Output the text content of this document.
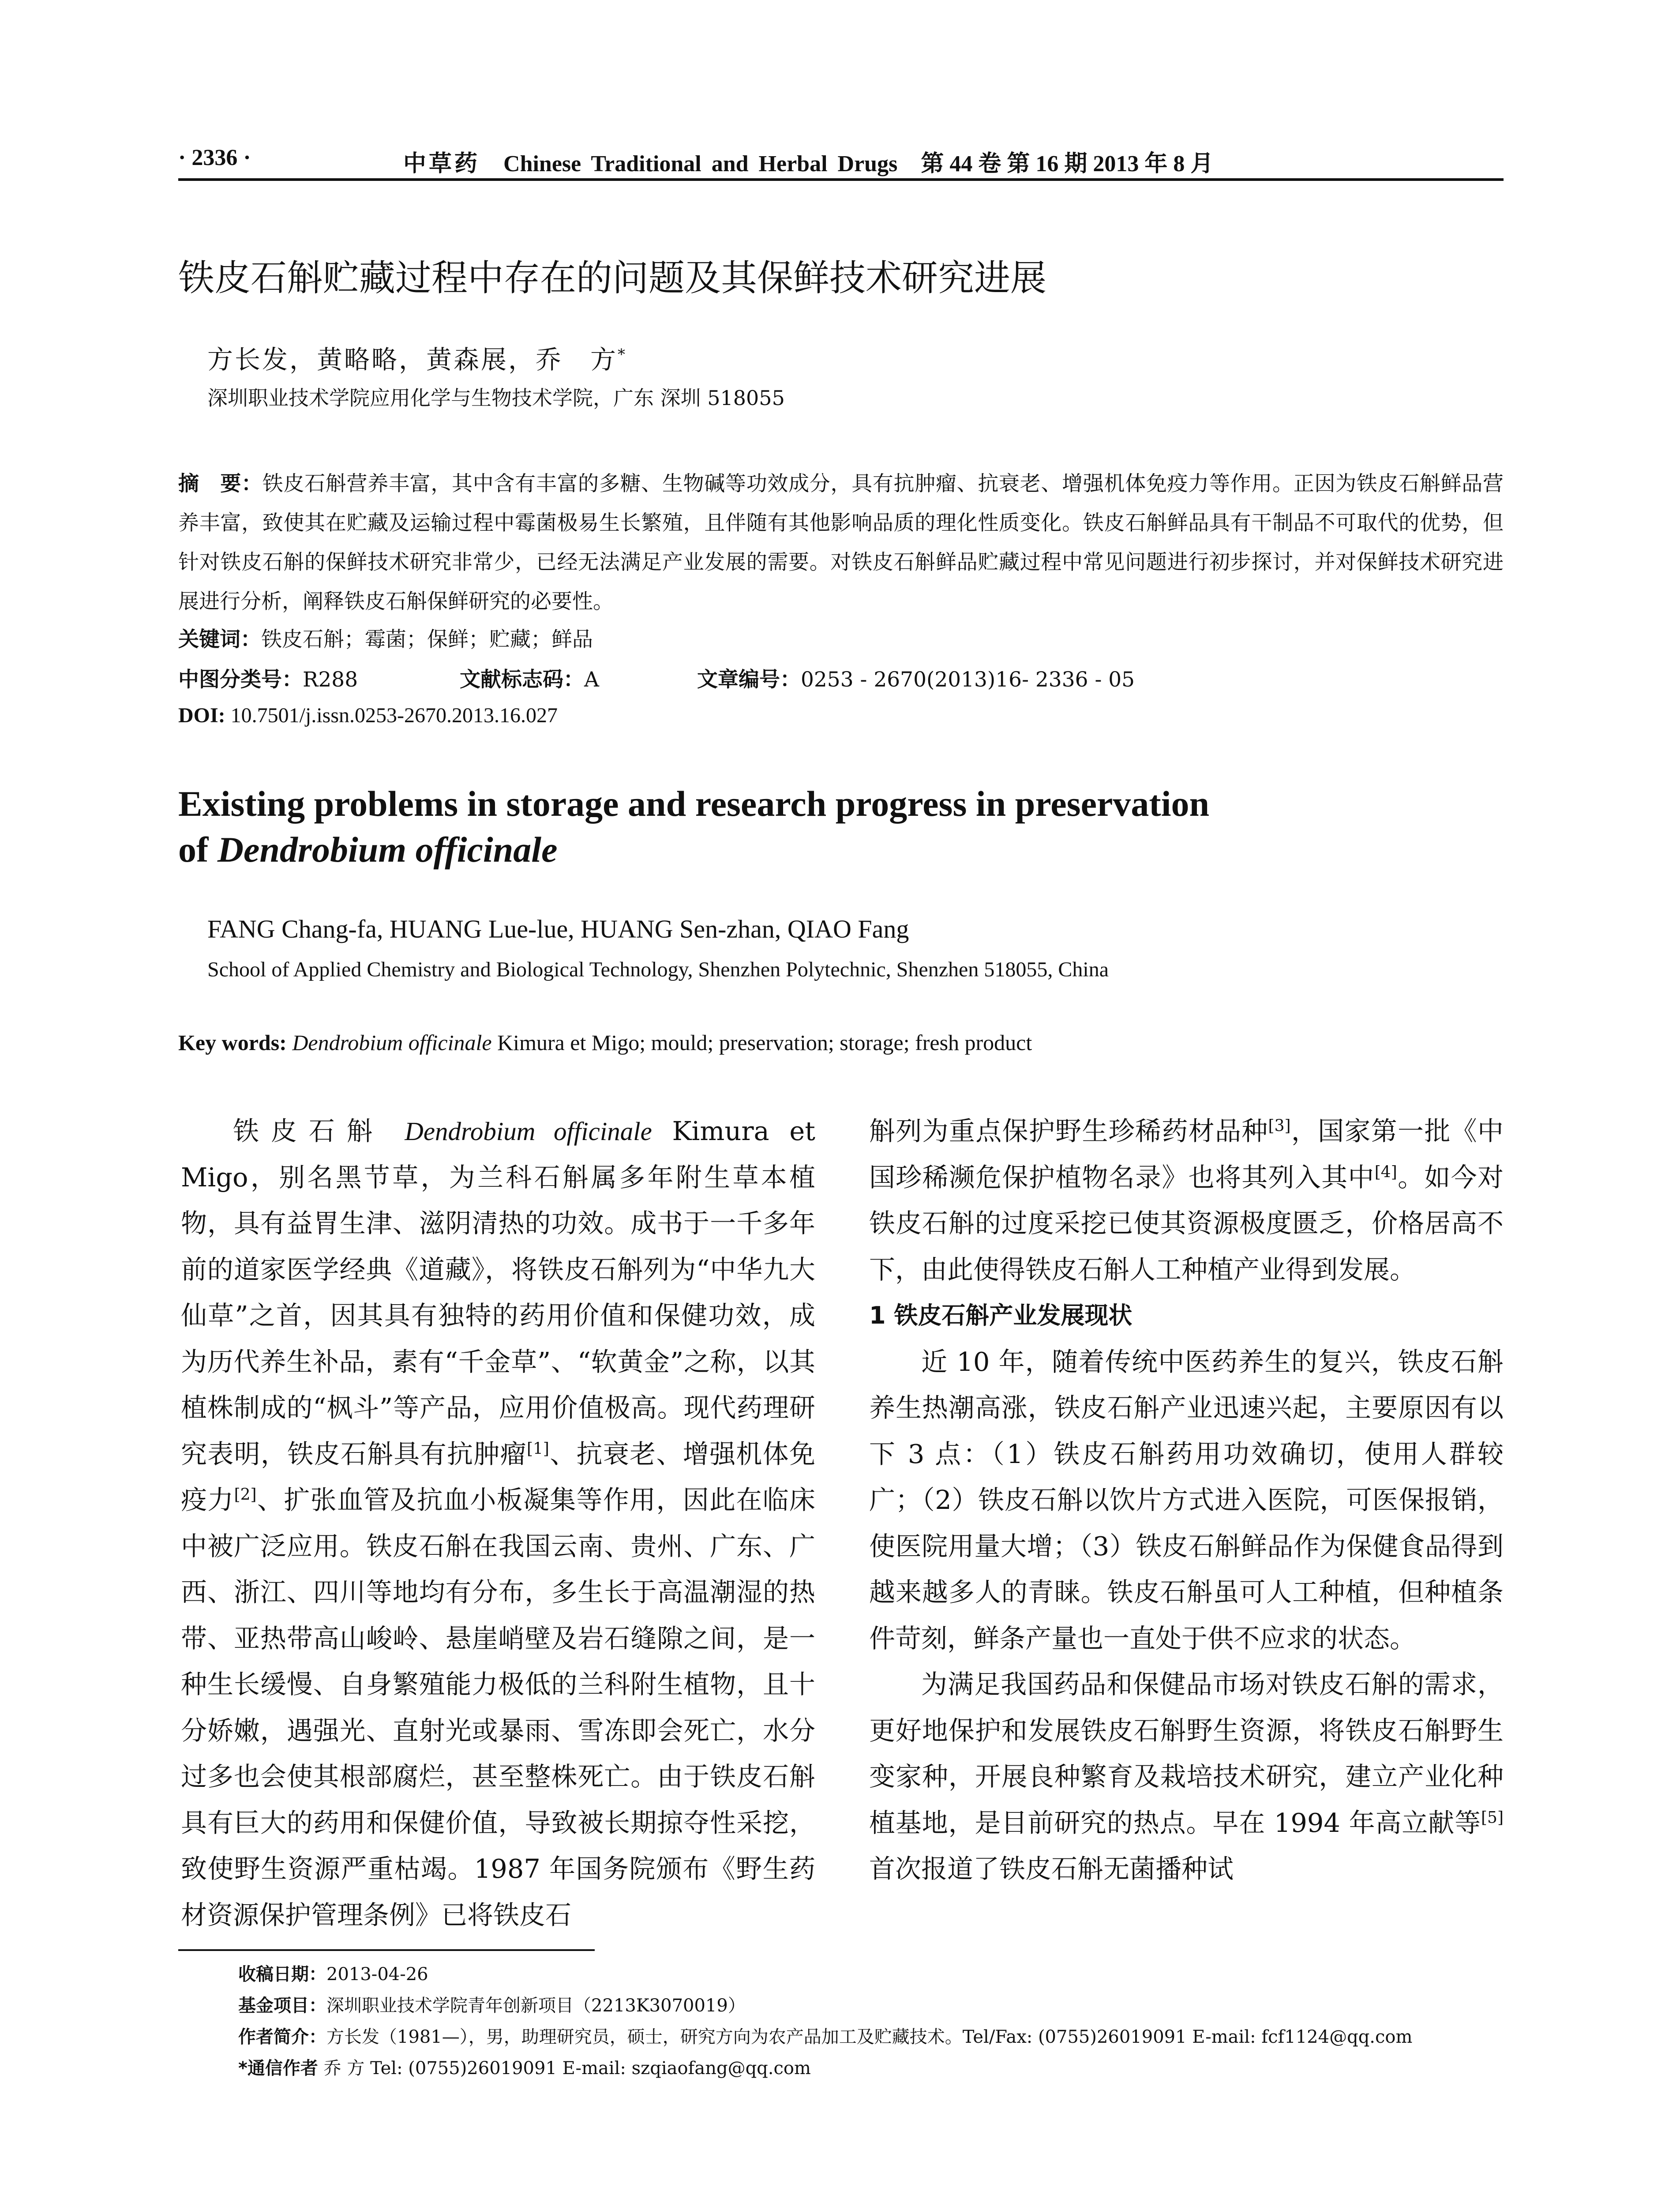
· 2336 ·	中草药 Chinese Traditional and Herbal Drugs 第 44 卷 第 16 期 2013 年 8 月
铁皮石斛贮藏过程中存在的问题及其保鲜技术研究进展
方长发，黄略略，黄森展，乔　方*
深圳职业技术学院应用化学与生物技术学院，广东 深圳 518055
摘　要：铁皮石斛营养丰富，其中含有丰富的多糖、生物碱等功效成分，具有抗肿瘤、抗衰老、增强机体免疫力等作用。正因为铁皮石斛鲜品营养丰富，致使其在贮藏及运输过程中霉菌极易生长繁殖，且伴随有其他影响品质的理化性质变化。铁皮石斛鲜品具有干制品不可取代的优势，但针对铁皮石斛的保鲜技术研究非常少，已经无法满足产业发展的需要。对铁皮石斛鲜品贮藏过程中常见问题进行初步探讨，并对保鲜技术研究进展进行分析，阐释铁皮石斛保鲜研究的必要性。
关键词：铁皮石斛；霉菌；保鲜；贮藏；鲜品
中图分类号：R288	文献标志码：A	文章编号：0253 - 2670(2013)16- 2336 - 05
DOI: 10.7501/j.issn.0253-2670.2013.16.027
Existing problems in storage and research progress in preservation
of Dendrobium officinale
FANG Chang-fa, HUANG Lue-lue, HUANG Sen-zhan, QIAO Fang
School of Applied Chemistry and Biological Technology, Shenzhen Polytechnic, Shenzhen 518055, China
Key words: Dendrobium officinale Kimura et Migo; mould; preservation; storage; fresh product

铁皮石斛 Dendrobium officinale Kimura et Migo，别名黑节草，为兰科石斛属多年附生草本植物，具有益胃生津、滋阴清热的功效。成书于一千多年前的道家医学经典《道藏》，将铁皮石斛列为“中华九大仙草”之首，因其具有独特的药用价值和保健功效，成为历代养生补品，素有“千金草”、“软黄金”之称，以其植株制成的“枫斗”等产品，应用价值极高。现代药理研究表明，铁皮石斛具有抗肿瘤[1]、抗衰老、增强机体免疫力[2]、扩张血管及抗血小板凝集等作用，因此在临床中被广泛应用。铁皮石斛在我国云南、贵州、广东、广西、浙江、四川等地均有分布，多生长于高温潮湿的热带、亚热带高山峻岭、悬崖峭壁及岩石缝隙之间，是一种生长缓慢、自身繁殖能力极低的兰科附生植物，且十分娇嫩，遇强光、直射光或暴雨、雪冻即会死亡，水分过多也会使其根部腐烂，甚至整株死亡。由于铁皮石斛具有巨大的药用和保健价值，导致被长期掠夺性采挖，致使野生资源严重枯竭。1987 年国务院颁布《野生药材资源保护管理条例》已将铁皮石

斛列为重点保护野生珍稀药材品种[3]，国家第一批《中国珍稀濒危保护植物名录》也将其列入其中[4]。如今对铁皮石斛的过度采挖已使其资源极度匮乏，价格居高不下，由此使得铁皮石斛人工种植产业得到发展。

1 铁皮石斛产业发展现状

近 10 年，随着传统中医药养生的复兴，铁皮石斛养生热潮高涨，铁皮石斛产业迅速兴起，主要原因有以下 3 点：（1）铁皮石斛药用功效确切，使用人群较广；（2）铁皮石斛以饮片方式进入医院，可医保报销，使医院用量大增；（3）铁皮石斛鲜品作为保健食品得到越来越多人的青睐。铁皮石斛虽可人工种植，但种植条件苛刻，鲜条产量也一直处于供不应求的状态。

为满足我国药品和保健品市场对铁皮石斛的需求，更好地保护和发展铁皮石斛野生资源，将铁皮石斛野生变家种，开展良种繁育及栽培技术研究，建立产业化种植基地，是目前研究的热点。早在 1994 年高立献等[5]首次报道了铁皮石斛无菌播种试

收稿日期：2013-04-26
基金项目：深圳职业技术学院青年创新项目（2213K3070019）
作者简介：方长发（1981—），男，助理研究员，硕士，研究方向为农产品加工及贮藏技术。Tel/Fax: (0755)26019091 E-mail: fcf1124@qq.com
*通信作者 乔 方 Tel: (0755)26019091 E-mail: szqiaofang@qq.com
